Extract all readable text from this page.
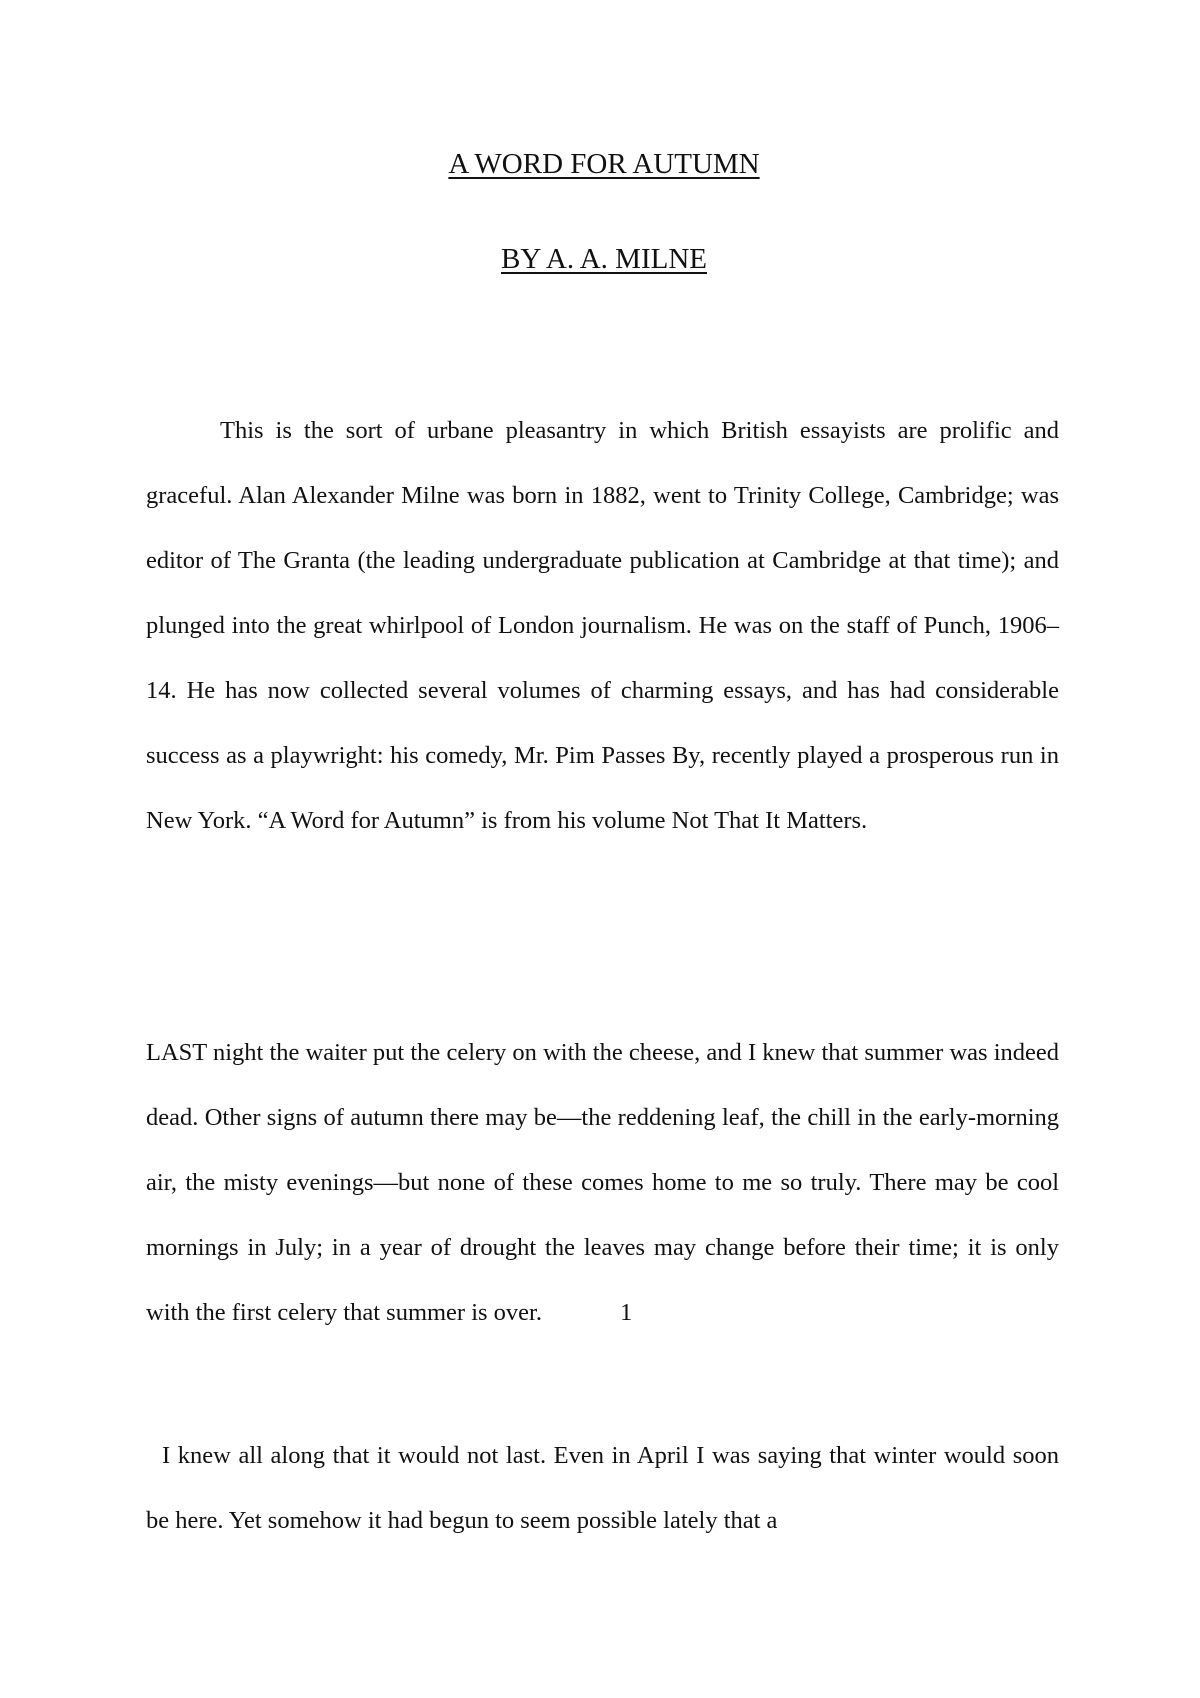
A WORD FOR AUTUMN
BY A. A. MILNE

This is the sort of urbane pleasantry in which British essayists are prolific and graceful. Alan Alexander Milne was born in 1882, went to Trinity College, Cambridge; was editor of The Granta (the leading undergraduate publication at Cambridge at that time); and plunged into the great whirlpool of London journalism. He was on the staff of Punch, 1906–14. He has now collected several volumes of charming essays, and has had considerable success as a playwright: his comedy, Mr. Pim Passes By, recently played a prosperous run in New York. “A Word for Autumn” is from his volume Not That It Matters.

LAST night the waiter put the celery on with the cheese, and I knew that summer was indeed dead. Other signs of autumn there may be—the reddening leaf, the chill in the early-morning air, the misty evenings—but none of these comes home to me so truly. There may be cool mornings in July; in a year of drought the leaves may change before their time; it is only with the first celery that summer is over.	1

I knew all along that it would not last. Even in April I was saying that winter would soon be here. Yet somehow it had begun to seem possible lately that a
